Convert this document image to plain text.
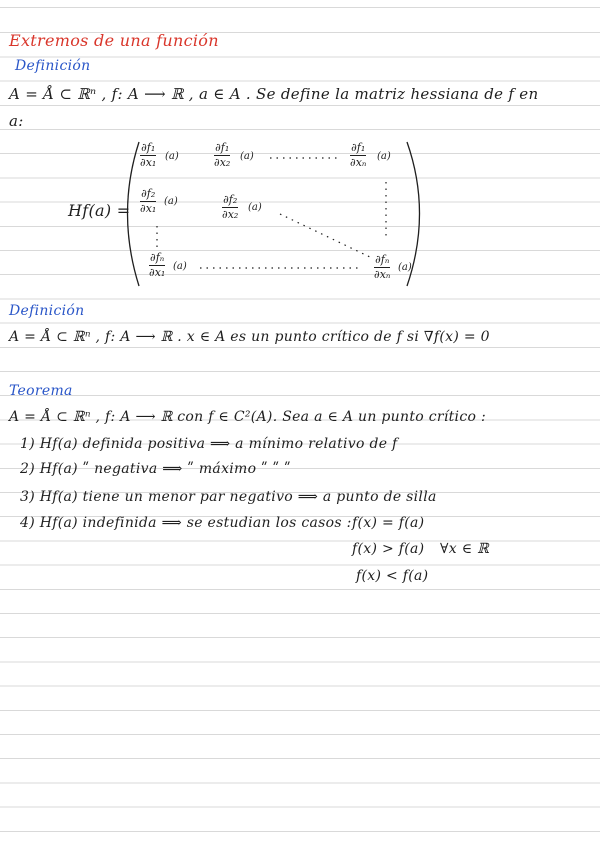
Extremos de una función
Definición
A = Å ⊂ ℝⁿ , f: A ⟶ ℝ , a ∈ A . Se define la matriz hessiana de f en
a:
Hf(a) =
∂f₁
∂x₁ (a)
∂f₁
∂x₂ (a)
∂f₁
∂xₙ (a)
∂f₂
∂x₁
(a)	∂f₂
∂x₂
(a)
∂fₙ
∂x₁ (a)
∂fₙ
∂xₙ
(a)
Definición
A = Å ⊂ ℝⁿ , f: A ⟶ ℝ . x ∈ A es un punto crítico de f si ∇f(x) = 0
Teorema
A = Å ⊂ ℝⁿ , f: A ⟶ ℝ con f ∈ C²(A). Sea a ∈ A un punto crítico :
1) Hf(a) definida positiva ⟹ a mínimo relativo de f
2) Hf(a) ʺ negativa ⟹ ʺ máximo ʺ ʺ ʺ
3) Hf(a) tiene un menor par negativo ⟹ a punto de silla
4) Hf(a) indefinida ⟹ se estudian los casos : f(x) = f(a)
f(x) > f(a) ∀x ∈ ℝ
f(x) < f(a)
